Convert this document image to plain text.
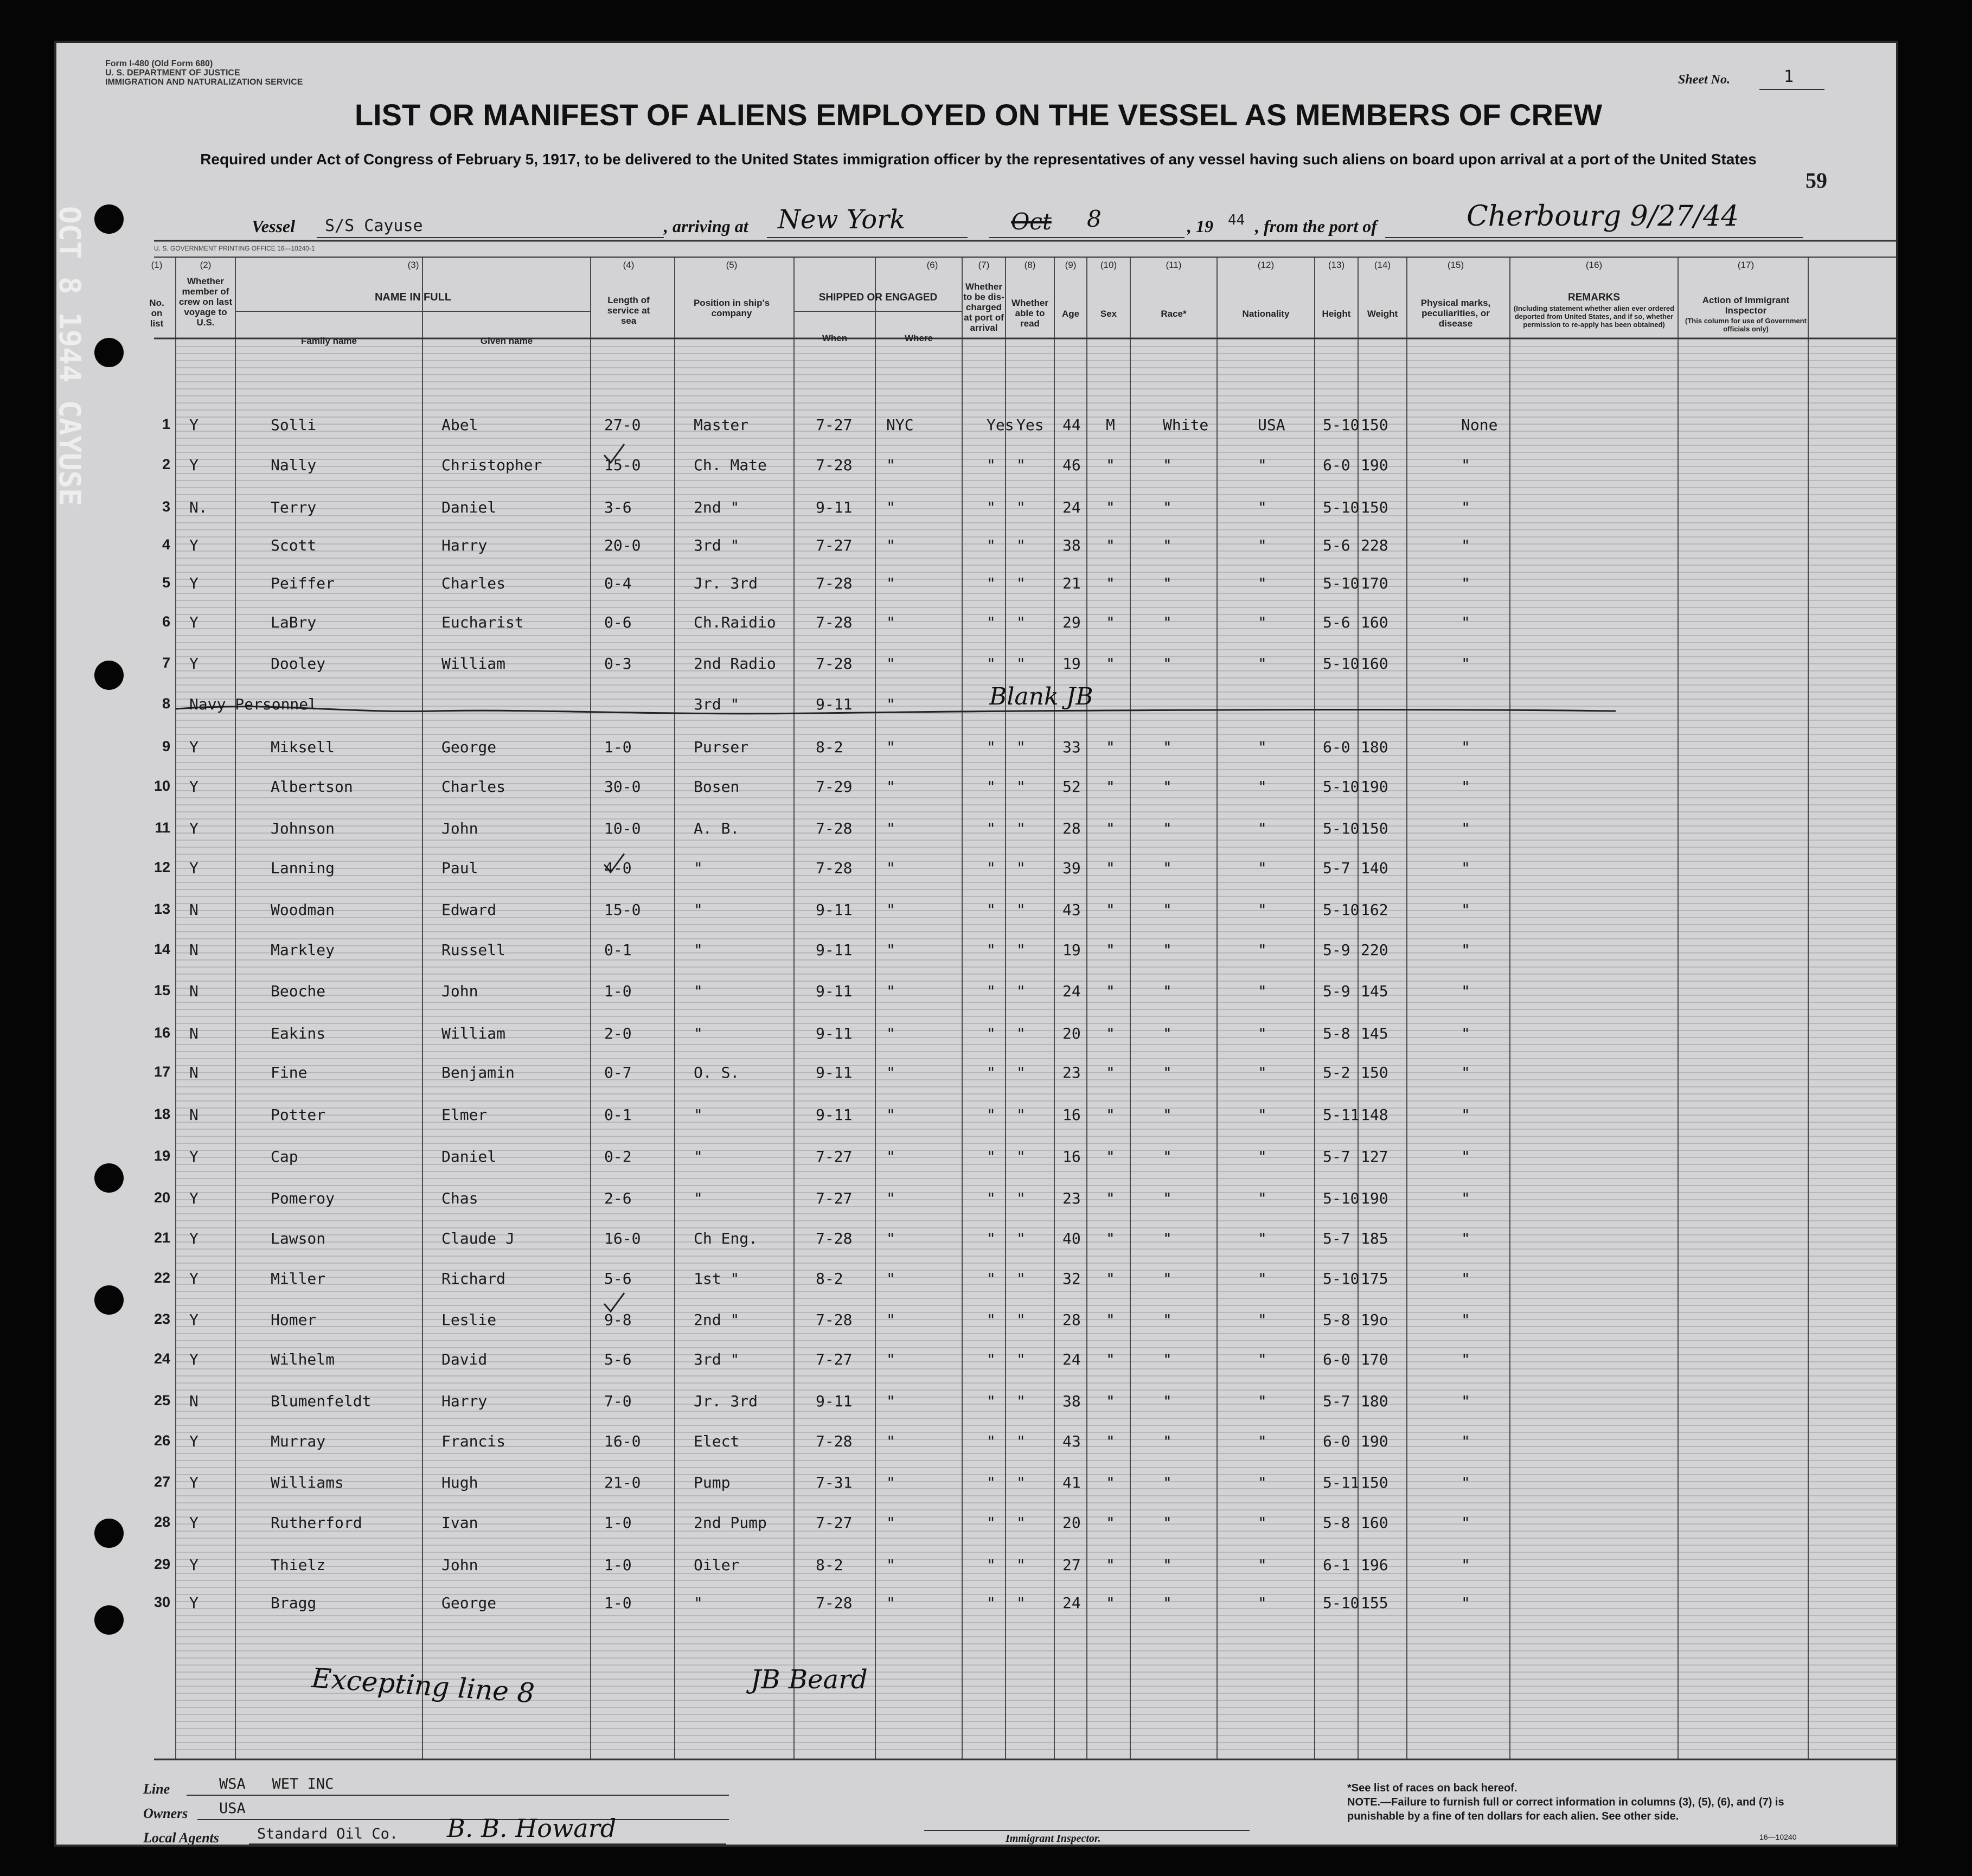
Form I-480 (Old Form 680)
U. S. DEPARTMENT OF JUSTICE
IMMIGRATION AND NATURALIZATION SERVICE	Sheet No.	1
LIST OR MANIFEST OF ALIENS EMPLOYED ON THE VESSEL AS MEMBERS OF CREW
Required under Act of Congress of February 5, 1917, to be delivered to the United States immigration officer by the representatives of any vessel having such aliens on board upon arrival at a port of the United States
59
Vessel S/S Cayuse	, arriving at New York	Oct 8	, 19 44 , from the port of	Cherbourg 9/27/44
U. S. GOVERNMENT PRINTING OFFICE 16—10240-1
(1)	(2)	(3)	(4)	(5)	(6)	(7)	(8)	(9)	(10)	(11)	(12)	(13)	(14)	(15)	(16)	(17)
No. on list
Whether member of crew on last voyage to U.S.
NAME IN FULL
Family name	Given name
Length of service at sea
Position in ship's company
SHIPPED OR ENGAGED
When	Where
Whether to be dis-charged at port of arrival
Whether able to read
Age	Sex	Race*	Nationality	Height	Weight
Physical marks, peculiarities, or disease
REMARKS
(Including statement whether alien ever ordered deported from United States, and if so, whether permission to re-apply has been obtained)
Action of Immigrant Inspector
(This column for use of Government officials only)
1 Y	Solli	Abel	27-0	Master	7-27 NYC	Yes Yes 44 M	White	USA 5-10 150	None
2 Y	Nally	Christopher	15-0	Ch. Mate	7-28 "	" " 46 "	"	"	6-0 190	"
3 N.	Terry	Daniel	3-6	2nd "	9-11 "	" " 24 "	"	"	5-10 150	"
4 Y	Scott	Harry	20-0	3rd "	7-27 "	" " 38 "	"	"	5-6 228	"
5 Y	Peiffer	Charles	0-4	Jr. 3rd	7-28 "	" " 21 "	"	"	5-10 170	"
6 Y	LaBry	Eucharist	0-6	Ch.Raidio	7-28 "	" " 29 "	"	"	5-6 160	"
7 Y	Dooley	William	0-3	2nd Radio	7-28 "	" " 19 "	"	"	5-10 160	"
8 Navy Personnel	3rd "	9-11 "
9 Y	Miksell	George	1-0	Purser	8-2	"	" " 33 "	"	"	6-0 180	"
10 Y	Albertson	Charles	30-0	Bosen	7-29 "	" " 52 "	"	"	5-10 190	"
11 Y	Johnson	John	10-0	A. B.	7-28 "	" " 28 "	"	"	5-10 150	"
12 Y	Lanning	Paul	4-0	"	7-28 "	" " 39 "	"	"	5-7 140	"
13 N	Woodman	Edward	15-0	"	9-11 "	" " 43 "	"	"	5-10 162	"
14 N	Markley	Russell	0-1	"	9-11 "	" " 19 "	"	"	5-9 220	"
15 N	Beoche	John	1-0	"	9-11 "	" " 24 "	"	"	5-9 145	"
16 N	Eakins	William	2-0	"	9-11 "	" " 20 "	"	"	5-8 145	"
17 N	Fine	Benjamin	0-7	O. S.	9-11 "	" " 23 "	"	"	5-2 150	"
18 N	Potter	Elmer	0-1	"	9-11 "	" " 16 "	"	"	5-11 148	"
19 Y	Cap	Daniel	0-2	"	7-27 "	" " 16 "	"	"	5-7 127	"
20 Y	Pomeroy	Chas	2-6	"	7-27 "	" " 23 "	"	"	5-10 190	"
21 Y	Lawson	Claude J	16-0	Ch Eng.	7-28 "	" " 40 "	"	"	5-7 185	"
22 Y	Miller	Richard	5-6	1st "	8-2	"	" " 32 "	"	"	5-10 175	"
23 Y	Homer	Leslie	9-8	2nd "	7-28 "	" " 28 "	"	"	5-8 19o	"
24 Y	Wilhelm	David	5-6	3rd "	7-27 "	" " 24 "	"	"	6-0 170	"
25 N	Blumenfeldt	Harry	7-0	Jr. 3rd	9-11 "	" " 38 "	"	"	5-7 180	"
26 Y	Murray	Francis	16-0	Elect	7-28 "	" " 43 "	"	"	6-0 190	"
27 Y	Williams	Hugh	21-0	Pump	7-31 "	" " 41 "	"	"	5-11 150	"
28 Y	Rutherford	Ivan	1-0	2nd Pump	7-27 "	" " 20 "	"	"	5-8 160	"
29 Y	Thielz	John	1-0	Oiler	8-2	"	" " 27 "	"	"	6-1 196	"
30 Y	Bragg	George	1-0	"	7-28 "	" " 24 "	"	"	5-10 155	"
Blank JB
Excepting line 8	JB Beard
Line	WSA   WET INC
Owners USA
Local Agents	Standard Oil Co. B. B. Howard	Immigrant Inspector.
*See list of races on back hereof.
NOTE.—Failure to furnish full or correct information in columns (3), (5), (6), and (7) is punishable by a fine of ten dollars for each alien. See other side.
16—10240
OCT 8 1944 CAYUSE
